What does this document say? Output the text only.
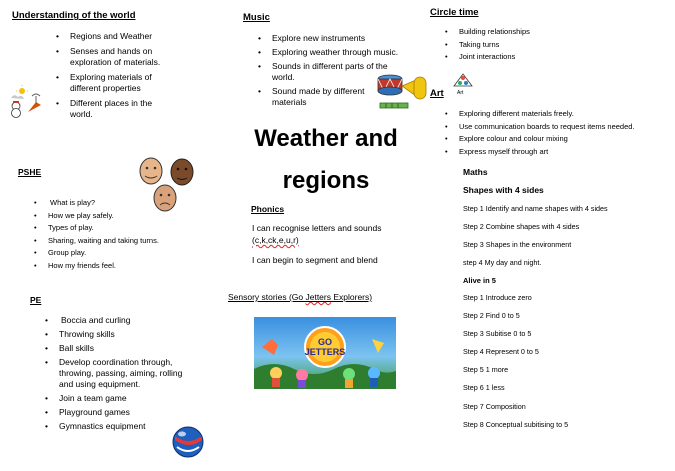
Understanding of the world
• Regions and Weather
• Senses and hands on exploration of materials.
• Exploring materials of different properties
• Different places in the world.
Music
• Explore new instruments
• Exploring weather through music.
• Sounds in different parts of the world.
• Sound made by different materials
Circle time
• Building relationships
• Taking turns
• Joint interactions
Art	Art
• Exploring different materials freely.
• Use communication boards to request items needed.
• Explore colour and colour mixing
• Express myself through art
Weather and
regions
PSHE
• What is play?
• How we play safely.
• Types of play.
• Sharing, waiting and taking turns.
• Group play.
• How my friends feel.
Phonics
I can recognise letters and sounds
(c,k,ck,e,u,r)
I can begin to segment and blend
PE
• Boccia and curling
• Throwing skills
• Ball skills
• Develop coordination through, throwing, passing, aiming, rolling and using equipment.
• Join a team game
• Playground games
• Gymnastics equipment
Sensory stories (Go Jetters Explorers)
GO JETTERS
Maths
Shapes with 4 sides
Step 1 Identify and name shapes with 4 sides
Step 2 Combine shapes with 4 sides
Step 3 Shapes in the environment
step 4 My day and night.
Alive in 5
Step 1 Introduce zero
Step 2 Find 0 to 5
Step 3 Subitise 0 to 5
Step 4 Represent 0 to 5
Step 5 1 more
Step 6 1 less
Step 7 Composition
Step 8 Conceptual subitising to 5
